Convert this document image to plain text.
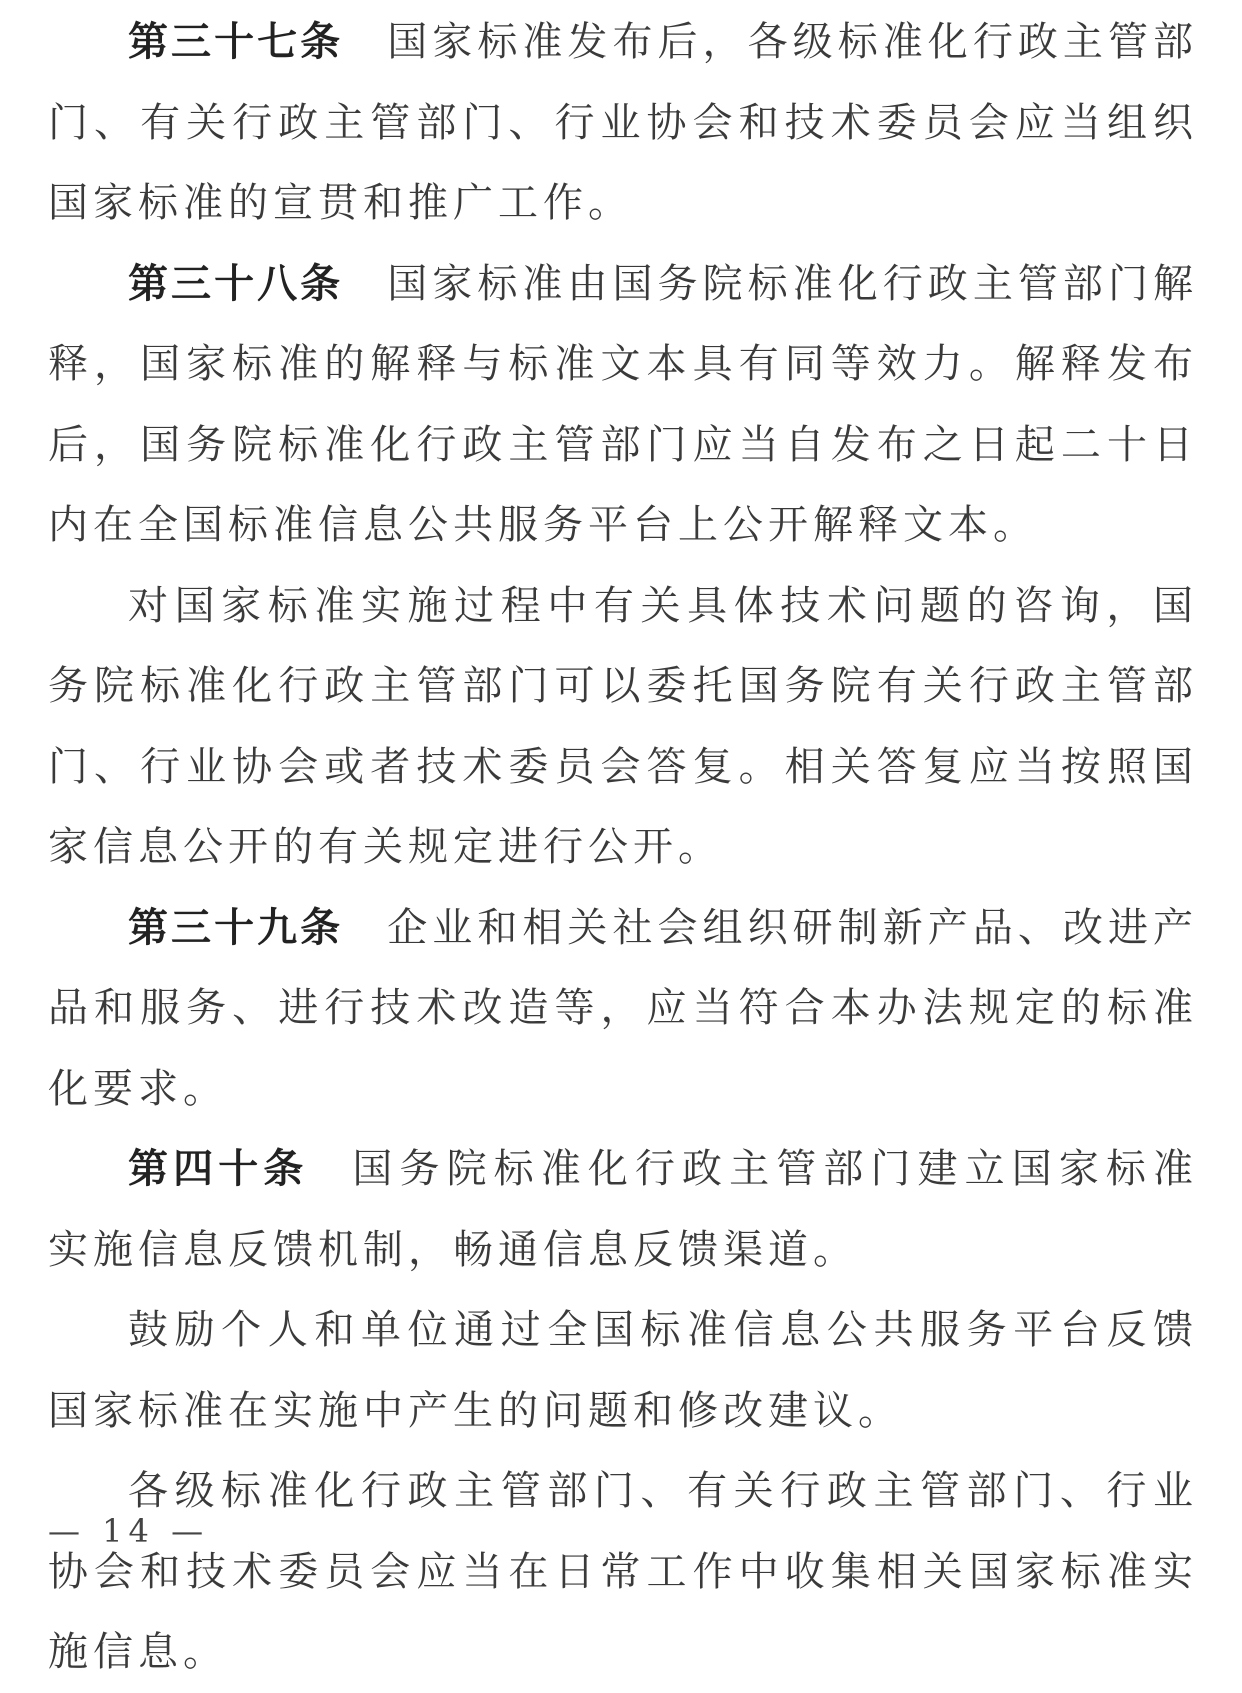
第三十七条 国家标准发布后，各级标准化行政主管部门、有关行政主管部门、行业协会和技术委员会应当组织国家标准的宣贯和推广工作。

第三十八条 国家标准由国务院标准化行政主管部门解释，国家标准的解释与标准文本具有同等效力。解释发布后，国务院标准化行政主管部门应当自发布之日起二十日内在全国标准信息公共服务平台上公开解释文本。

对国家标准实施过程中有关具体技术问题的咨询，国务院标准化行政主管部门可以委托国务院有关行政主管部门、行业协会或者技术委员会答复。相关答复应当按照国家信息公开的有关规定进行公开。

第三十九条 企业和相关社会组织研制新产品、改进产品和服务、进行技术改造等，应当符合本办法规定的标准化要求。

第四十条 国务院标准化行政主管部门建立国家标准实施信息反馈机制，畅通信息反馈渠道。

鼓励个人和单位通过全国标准信息公共服务平台反馈国家标准在实施中产生的问题和修改建议。

各级标准化行政主管部门、有关行政主管部门、行业协会和技术委员会应当在日常工作中收集相关国家标准实施信息。

— 14 —
